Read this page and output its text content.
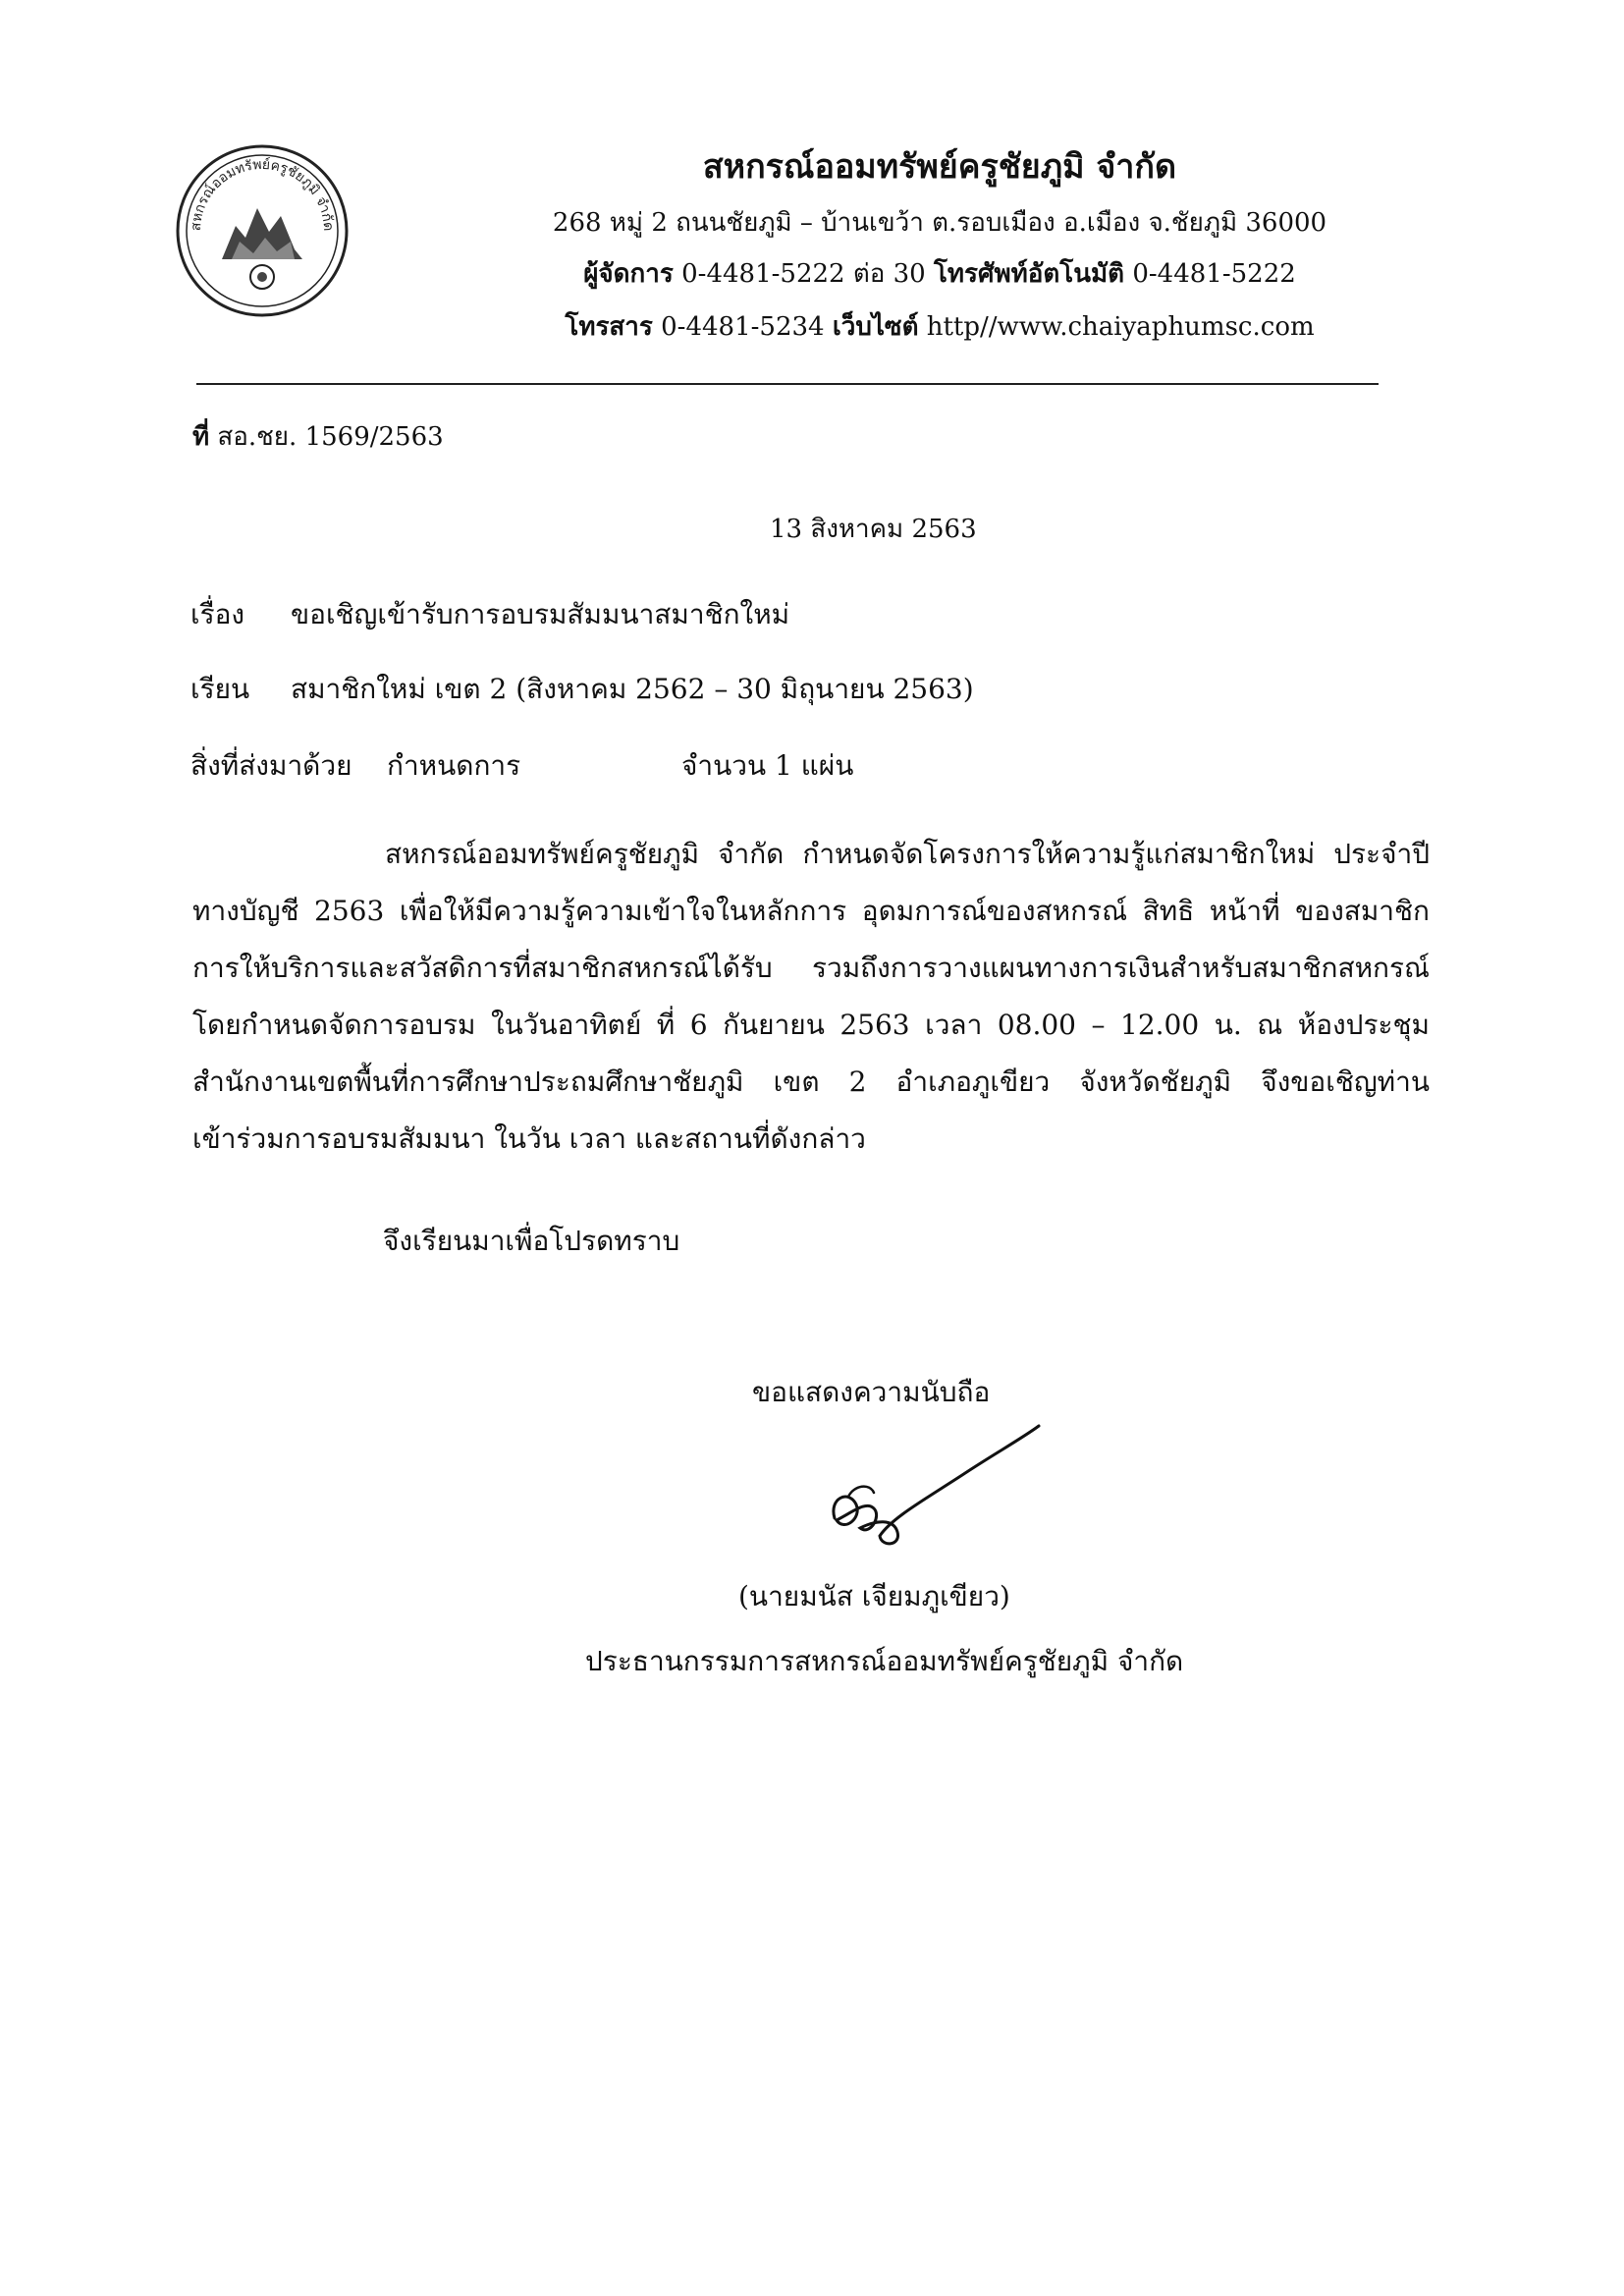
สหกรณ์ออมทรัพย์ครูชัยภูมิ จำกัด
สหกรณ์ออมทรัพย์ครูชัยภูมิ จำกัด
268 หมู่ 2 ถนนชัยภูมิ – บ้านเขว้า ต.รอบเมือง อ.เมือง จ.ชัยภูมิ 36000
ผู้จัดการ 0-4481-5222 ต่อ 30 โทรศัพท์อัตโนมัติ 0-4481-5222
โทรสาร 0-4481-5234 เว็บไซต์ http//www.chaiyaphumsc.com
ที่ สอ.ชย. 1569/2563
13 สิงหาคม 2563
เรื่อง ขอเชิญเข้ารับการอบรมสัมมนาสมาชิกใหม่
เรียน สมาชิกใหม่ เขต 2 (สิงหาคม 2562 – 30 มิถุนายน 2563)
สิ่งที่ส่งมาด้วย กำหนดการ	จำนวน 1 แผ่น
สหกรณ์ออมทรัพย์ครูชัยภูมิ จำกัด กำหนดจัดโครงการให้ความรู้แก่สมาชิกใหม่ ประจำปี
ทางบัญชี 2563 เพื่อให้มีความรู้ความเข้าใจในหลักการ อุดมการณ์ของสหกรณ์ สิทธิ หน้าที่ ของสมาชิก
การให้บริการและสวัสดิการที่สมาชิกสหกรณ์ได้รับ รวมถึงการวางแผนทางการเงินสำหรับสมาชิกสหกรณ์
โดยกำหนดจัดการอบรม ในวันอาทิตย์ ที่ 6 กันยายน 2563 เวลา 08.00 – 12.00 น. ณ ห้องประชุม
สำนักงานเขตพื้นที่การศึกษาประถมศึกษาชัยภูมิ เขต 2 อำเภอภูเขียว จังหวัดชัยภูมิ จึงขอเชิญท่าน
เข้าร่วมการอบรมสัมมนา ในวัน เวลา และสถานที่ดังกล่าว
จึงเรียนมาเพื่อโปรดทราบ
ขอแสดงความนับถือ
(นายมนัส เจียมภูเขียว)
ประธานกรรมการสหกรณ์ออมทรัพย์ครูชัยภูมิ จำกัด
